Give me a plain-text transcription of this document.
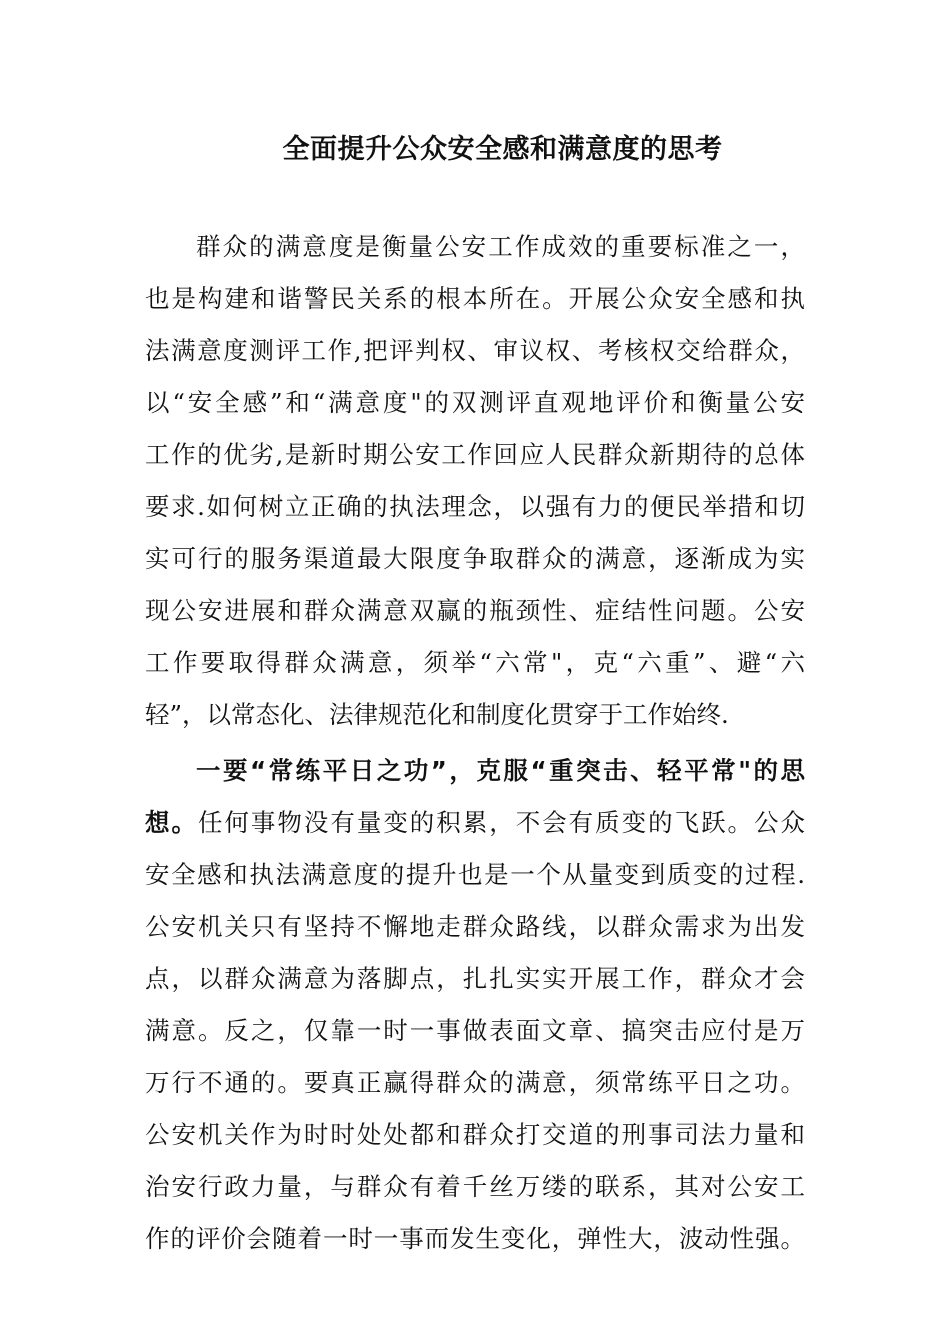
全面提升公众安全感和满意度的思考

群众的满意度是衡量公安工作成效的重要标准之一，

也是构建和谐警民关系的根本所在。开展公众安全感和执

法满意度测评工作,把评判权、审议权、考核权交给群众，

以“安全感”和“满意度"的双测评直观地评价和衡量公安

工作的优劣,是新时期公安工作回应人民群众新期待的总体

要求.如何树立正确的执法理念，以强有力的便民举措和切

实可行的服务渠道最大限度争取群众的满意，逐渐成为实

现公安进展和群众满意双赢的瓶颈性、症结性问题。公安

工作要取得群众满意，须举“六常"，克“六重”、避“六

轻”，以常态化、法律规范化和制度化贯穿于工作始终.

一要“常练平日之功”，克服“重突击、轻平常"的思

想。任何事物没有量变的积累，不会有质变的飞跃。公众

安全感和执法满意度的提升也是一个从量变到质变的过程.

公安机关只有坚持不懈地走群众路线，以群众需求为出发

点，以群众满意为落脚点，扎扎实实开展工作，群众才会

满意。反之，仅靠一时一事做表面文章、搞突击应付是万

万行不通的。要真正赢得群众的满意，须常练平日之功。

公安机关作为时时处处都和群众打交道的刑事司法力量和

治安行政力量，与群众有着千丝万缕的联系，其对公安工

作的评价会随着一时一事而发生变化，弹性大，波动性强。
